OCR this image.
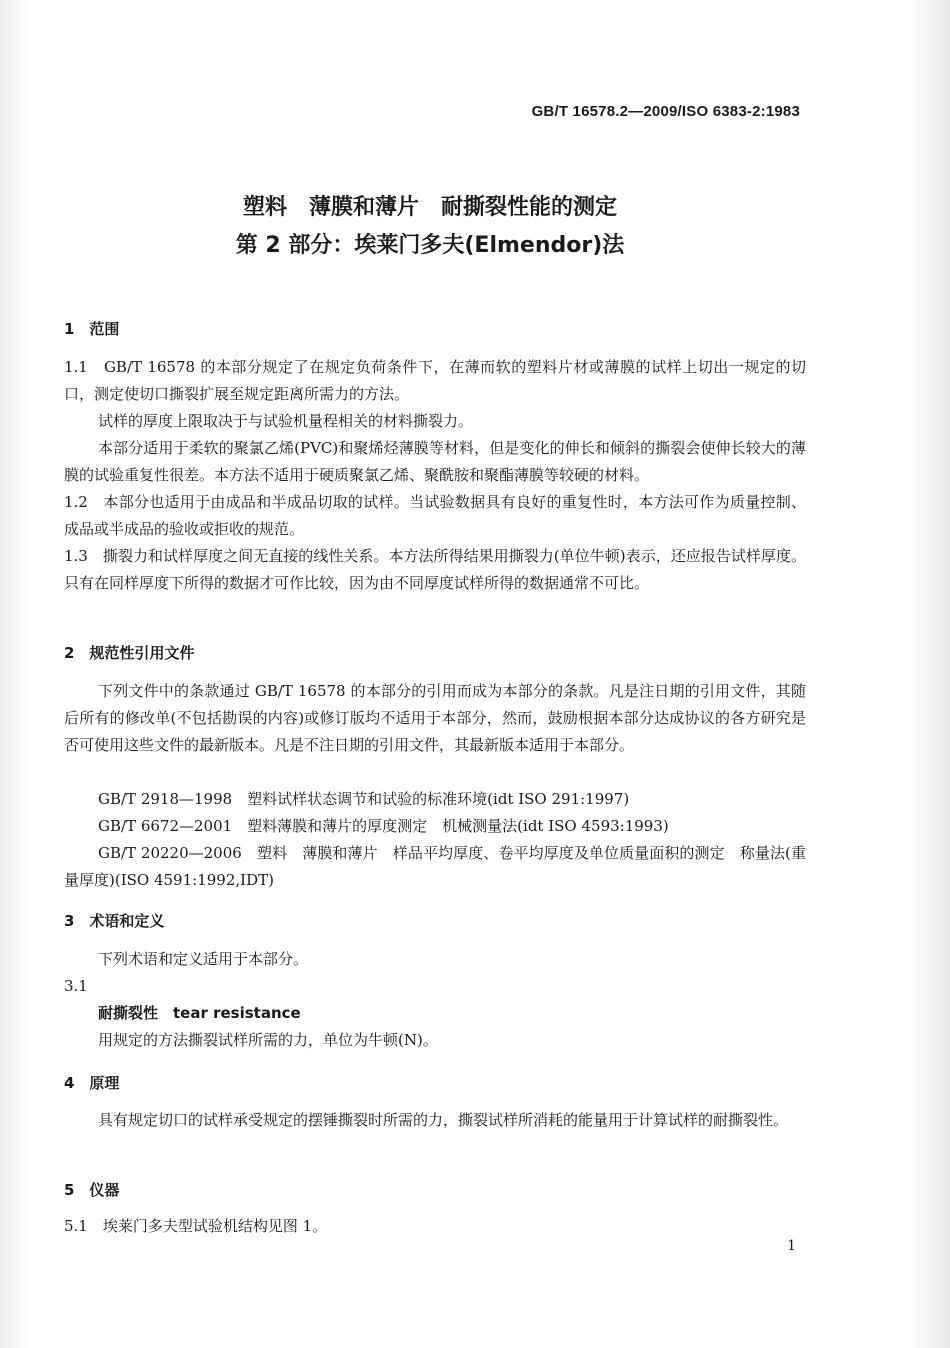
GB/T 16578.2—2009/ISO 6383-2:1983
塑料　薄膜和薄片　耐撕裂性能的测定
第 2 部分：埃莱门多夫(Elmendor)法
1　范围
1.1　GB/T 16578 的本部分规定了在规定负荷条件下，在薄而软的塑料片材或薄膜的试样上切出一规定的切口，测定使切口撕裂扩展至规定距离所需力的方法。
试样的厚度上限取决于与试验机量程相关的材料撕裂力。
本部分适用于柔软的聚氯乙烯(PVC)和聚烯烃薄膜等材料，但是变化的伸长和倾斜的撕裂会使伸长较大的薄膜的试验重复性很差。本方法不适用于硬质聚氯乙烯、聚酰胺和聚酯薄膜等较硬的材料。
1.2　本部分也适用于由成品和半成品切取的试样。当试验数据具有良好的重复性时，本方法可作为质量控制、成品或半成品的验收或拒收的规范。
1.3　撕裂力和试样厚度之间无直接的线性关系。本方法所得结果用撕裂力(单位牛顿)表示，还应报告试样厚度。只有在同样厚度下所得的数据才可作比较，因为由不同厚度试样所得的数据通常不可比。
2　规范性引用文件
下列文件中的条款通过 GB/T 16578 的本部分的引用而成为本部分的条款。凡是注日期的引用文件，其随后所有的修改单(不包括勘误的内容)或修订版均不适用于本部分，然而，鼓励根据本部分达成协议的各方研究是否可使用这些文件的最新版本。凡是不注日期的引用文件，其最新版本适用于本部分。
GB/T 2918—1998　塑料试样状态调节和试验的标准环境(idt ISO 291:1997)
GB/T 6672—2001　塑料薄膜和薄片的厚度测定　机械测量法(idt ISO 4593:1993)
GB/T 20220—2006　塑料　薄膜和薄片　样品平均厚度、卷平均厚度及单位质量面积的测定　称量法(重量厚度)(ISO 4591:1992,IDT)
3　术语和定义
下列术语和定义适用于本部分。
3.1
耐撕裂性　tear resistance
用规定的方法撕裂试样所需的力，单位为牛顿(N)。
4　原理
具有规定切口的试样承受规定的摆锤撕裂时所需的力，撕裂试样所消耗的能量用于计算试样的耐撕裂性。
5　仪器
5.1　埃莱门多夫型试验机结构见图 1。
1
